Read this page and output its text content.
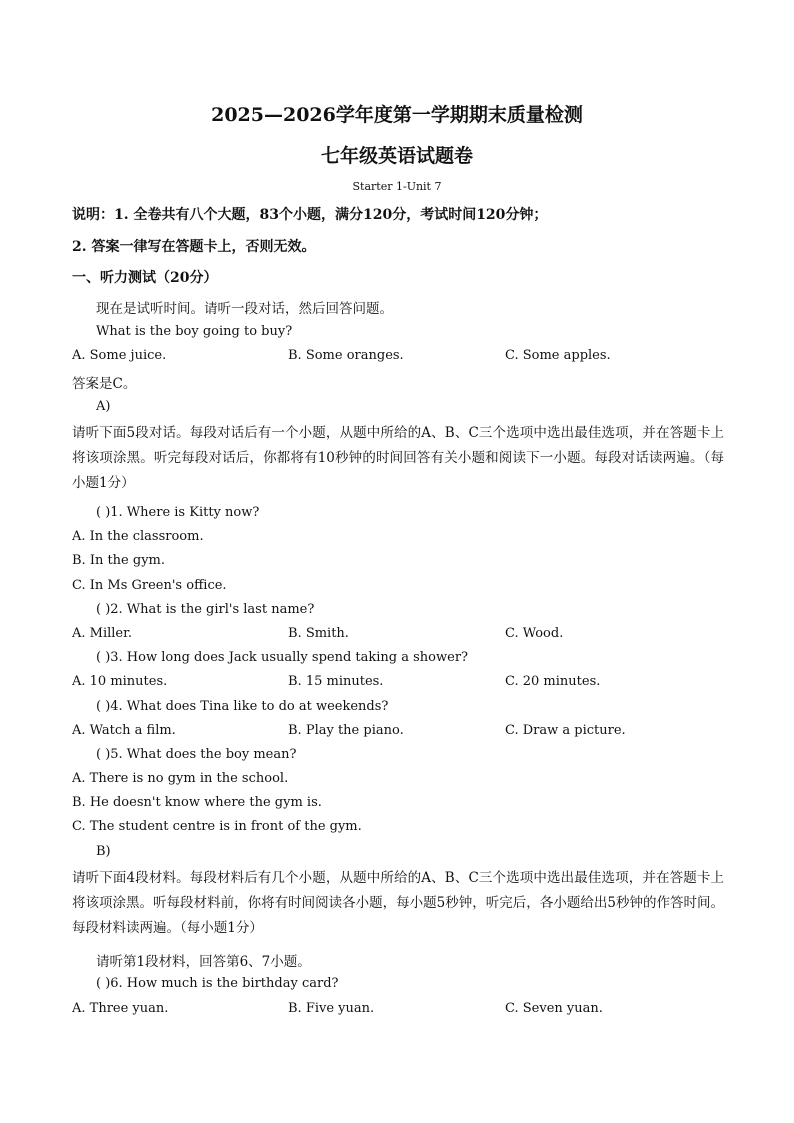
2025—2026学年度第一学期期末质量检测
七年级英语试题卷
Starter 1-Unit 7
说明：1. 全卷共有八个大题，83个小题，满分120分，考试时间120分钟；
2. 答案一律写在答题卡上，否则无效。
一、听力测试（20分）
现在是试听时间。请听一段对话，然后回答问题。
What is the boy going to buy?
A. Some juice.	B. Some oranges.	C. Some apples.
答案是C。
A)
请听下面5段对话。每段对话后有一个小题，从题中所给的A、B、C三个选项中选出最佳选项，并在答题卡上将该项涂黑。听完每段对话后，你都将有10秒钟的时间回答有关小题和阅读下一小题。每段对话读两遍。（每小题1分）
( )1. Where is Kitty now?
A. In the classroom.
B. In the gym.
C. In Ms Green's office.
( )2. What is the girl's last name?
A. Miller.	B. Smith.	C. Wood.
( )3. How long does Jack usually spend taking a shower?
A. 10 minutes.	B. 15 minutes.	C. 20 minutes.
( )4. What does Tina like to do at weekends?
A. Watch a film.	B. Play the piano.	C. Draw a picture.
( )5. What does the boy mean?
A. There is no gym in the school.
B. He doesn't know where the gym is.
C. The student centre is in front of the gym.
B)
请听下面4段材料。每段材料后有几个小题，从题中所给的A、B、C三个选项中选出最佳选项，并在答题卡上将该项涂黑。听每段材料前，你将有时间阅读各小题，每小题5秒钟，听完后，各小题给出5秒钟的作答时间。每段材料读两遍。（每小题1分）
请听第1段材料，回答第6、7小题。
( )6. How much is the birthday card?
A. Three yuan.	B. Five yuan.	C. Seven yuan.
